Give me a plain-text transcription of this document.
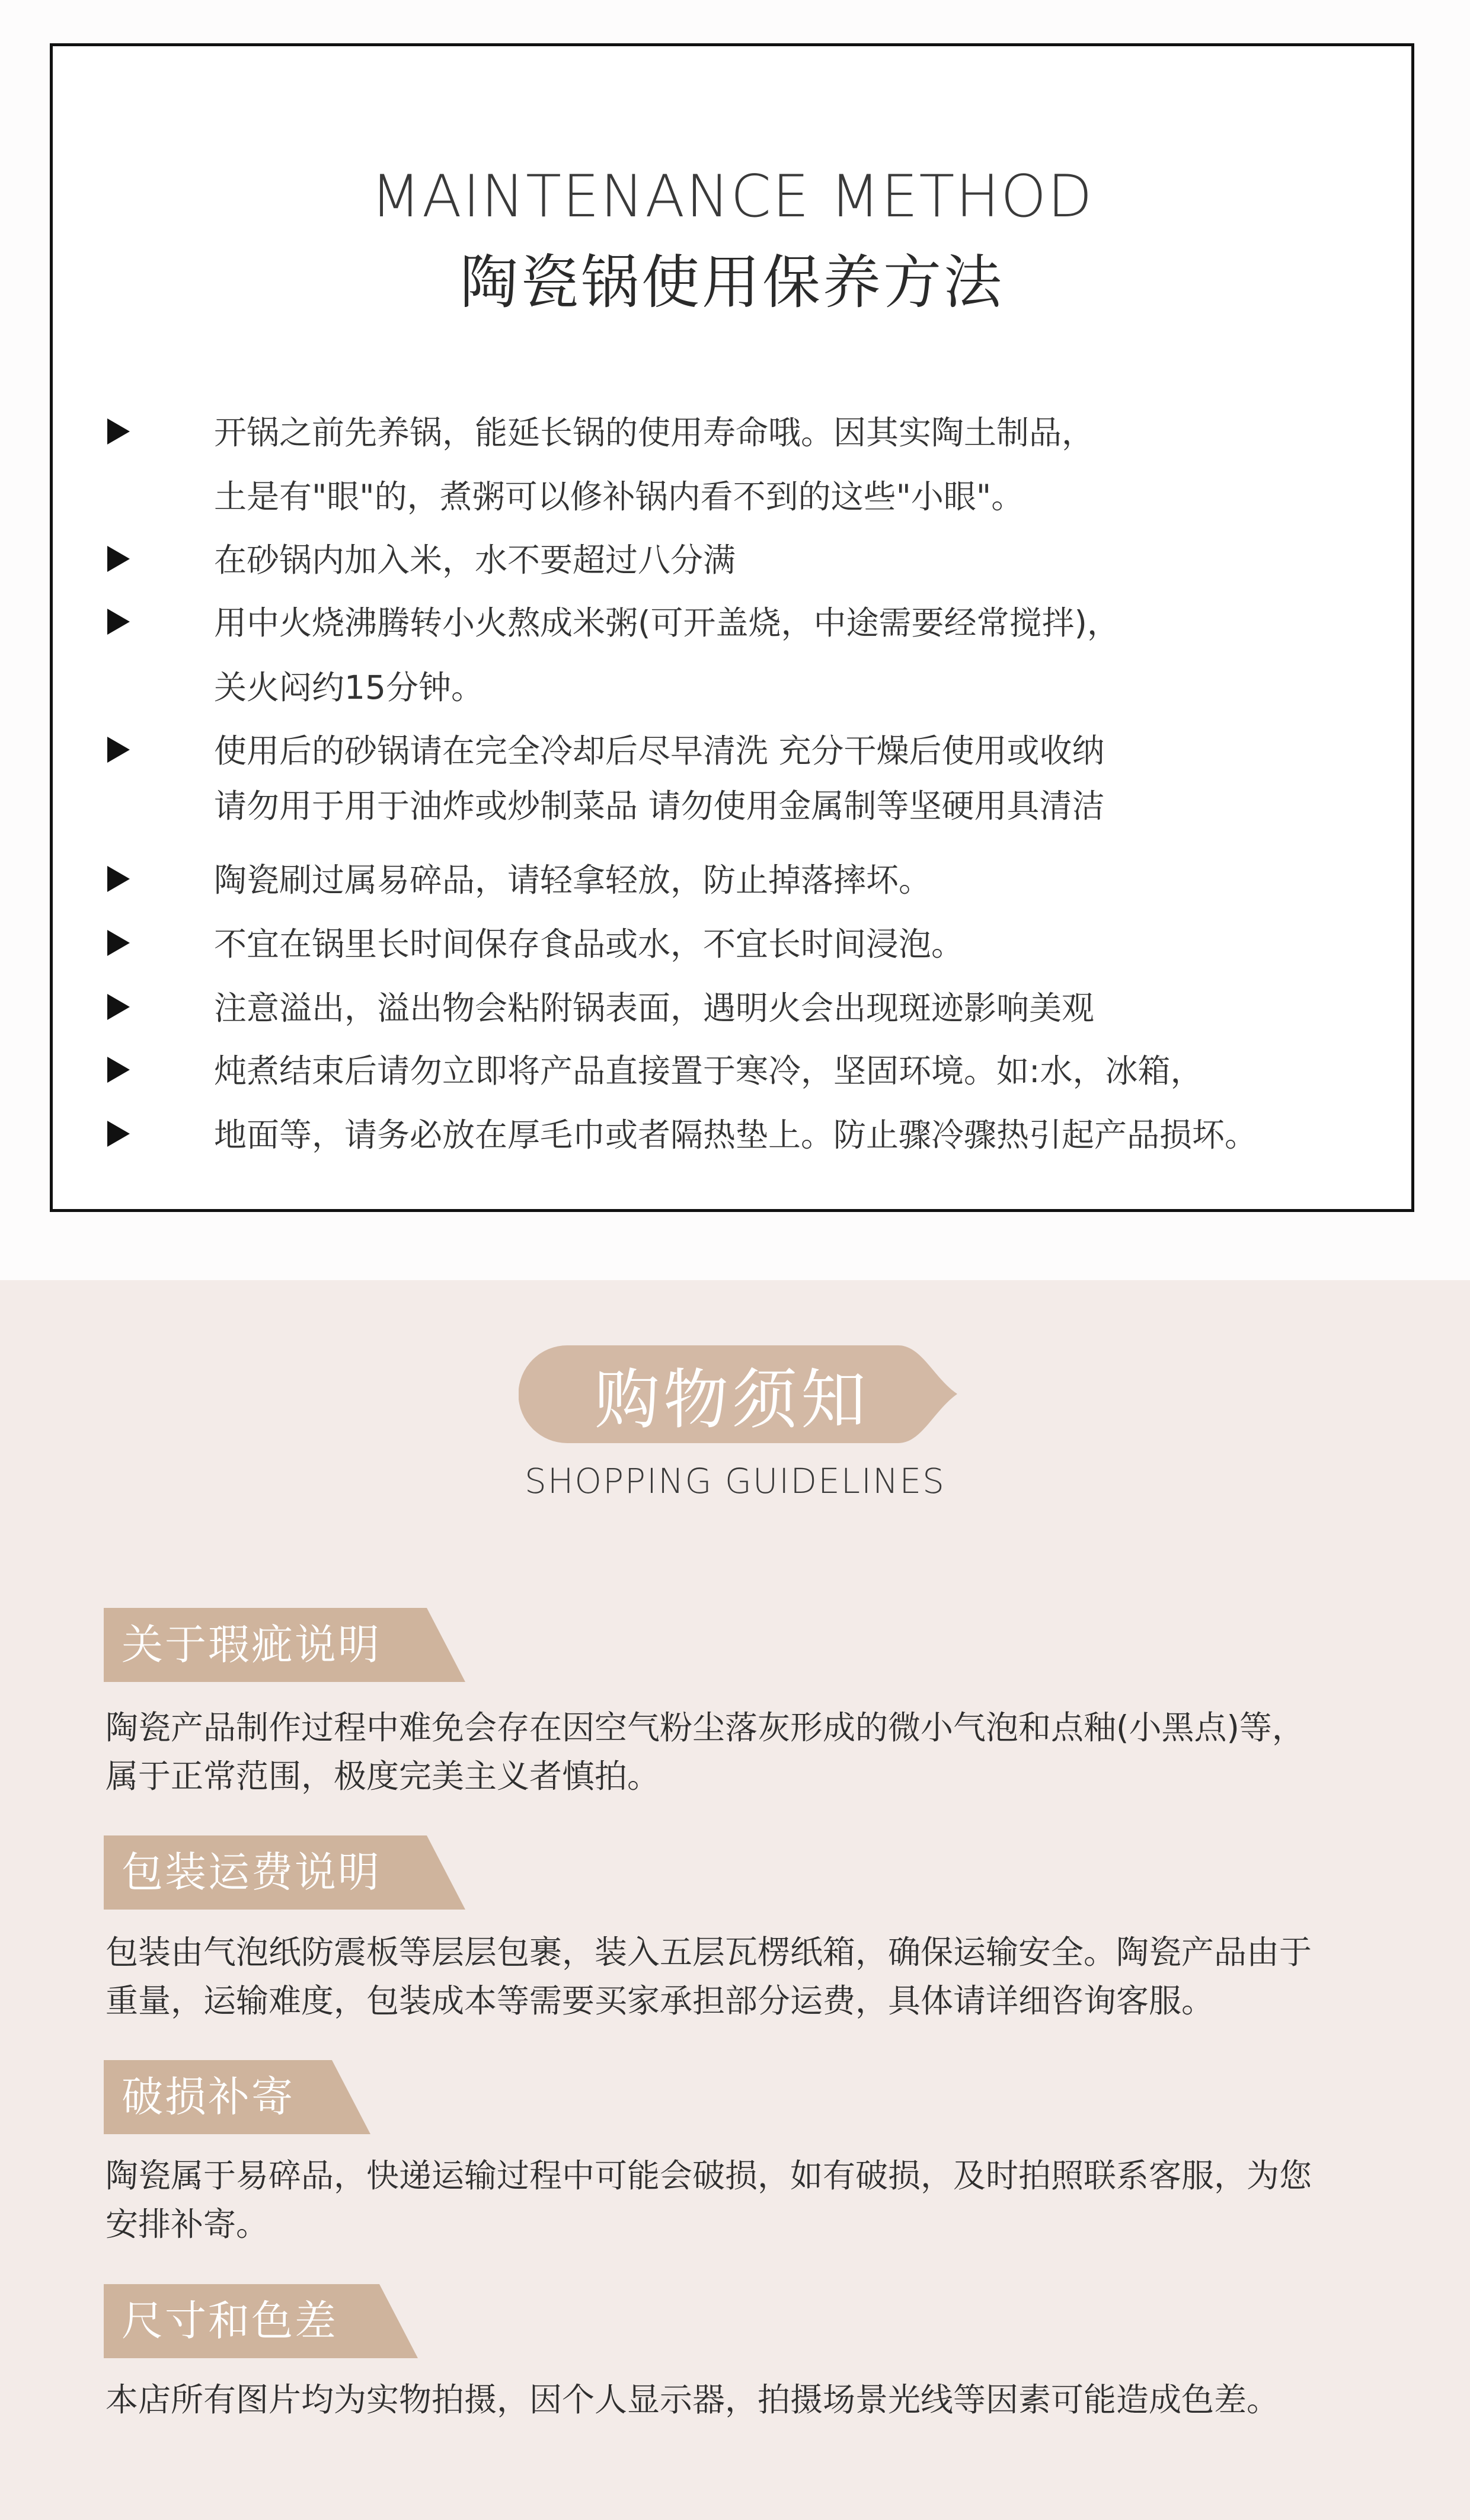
MAINTENANCE METHOD
陶瓷锅使用保养方法
开锅之前先养锅，能延长锅的使用寿命哦。因其实陶土制品，
土是有"眼"的，煮粥可以修补锅内看不到的这些"小眼"。
在砂锅内加入米，水不要超过八分满
用中火烧沸腾转小火熬成米粥(可开盖烧，中途需要经常搅拌)，
关火闷约15分钟。
使用后的砂锅请在完全冷却后尽早清洗 充分干燥后使用或收纳
请勿用于用于油炸或炒制菜品 请勿使用金属制等坚硬用具清洁
陶瓷刷过属易碎品，请轻拿轻放，防止掉落摔坏。
不宜在锅里长时间保存食品或水，不宜长时间浸泡。
注意溢出，溢出物会粘附锅表面，遇明火会出现斑迹影响美观
炖煮结束后请勿立即将产品直接置于寒冷，坚固环境。如:水，冰箱，
地面等，请务必放在厚毛巾或者隔热垫上。防止骤冷骤热引起产品损坏。
购物须知
SHOPPING GUIDELINES
关于瑕疵说明
陶瓷产品制作过程中难免会存在因空气粉尘落灰形成的微小气泡和点釉(小黑点)等，
属于正常范围，极度完美主义者慎拍。
包装运费说明
包装由气泡纸防震板等层层包裹，装入五层瓦楞纸箱，确保运输安全。陶瓷产品由于
重量，运输难度，包装成本等需要买家承担部分运费，具体请详细咨询客服。
破损补寄
陶瓷属于易碎品，快递运输过程中可能会破损，如有破损，及时拍照联系客服，为您
安排补寄。
尺寸和色差
本店所有图片均为实物拍摄，因个人显示器，拍摄场景光线等因素可能造成色差。
